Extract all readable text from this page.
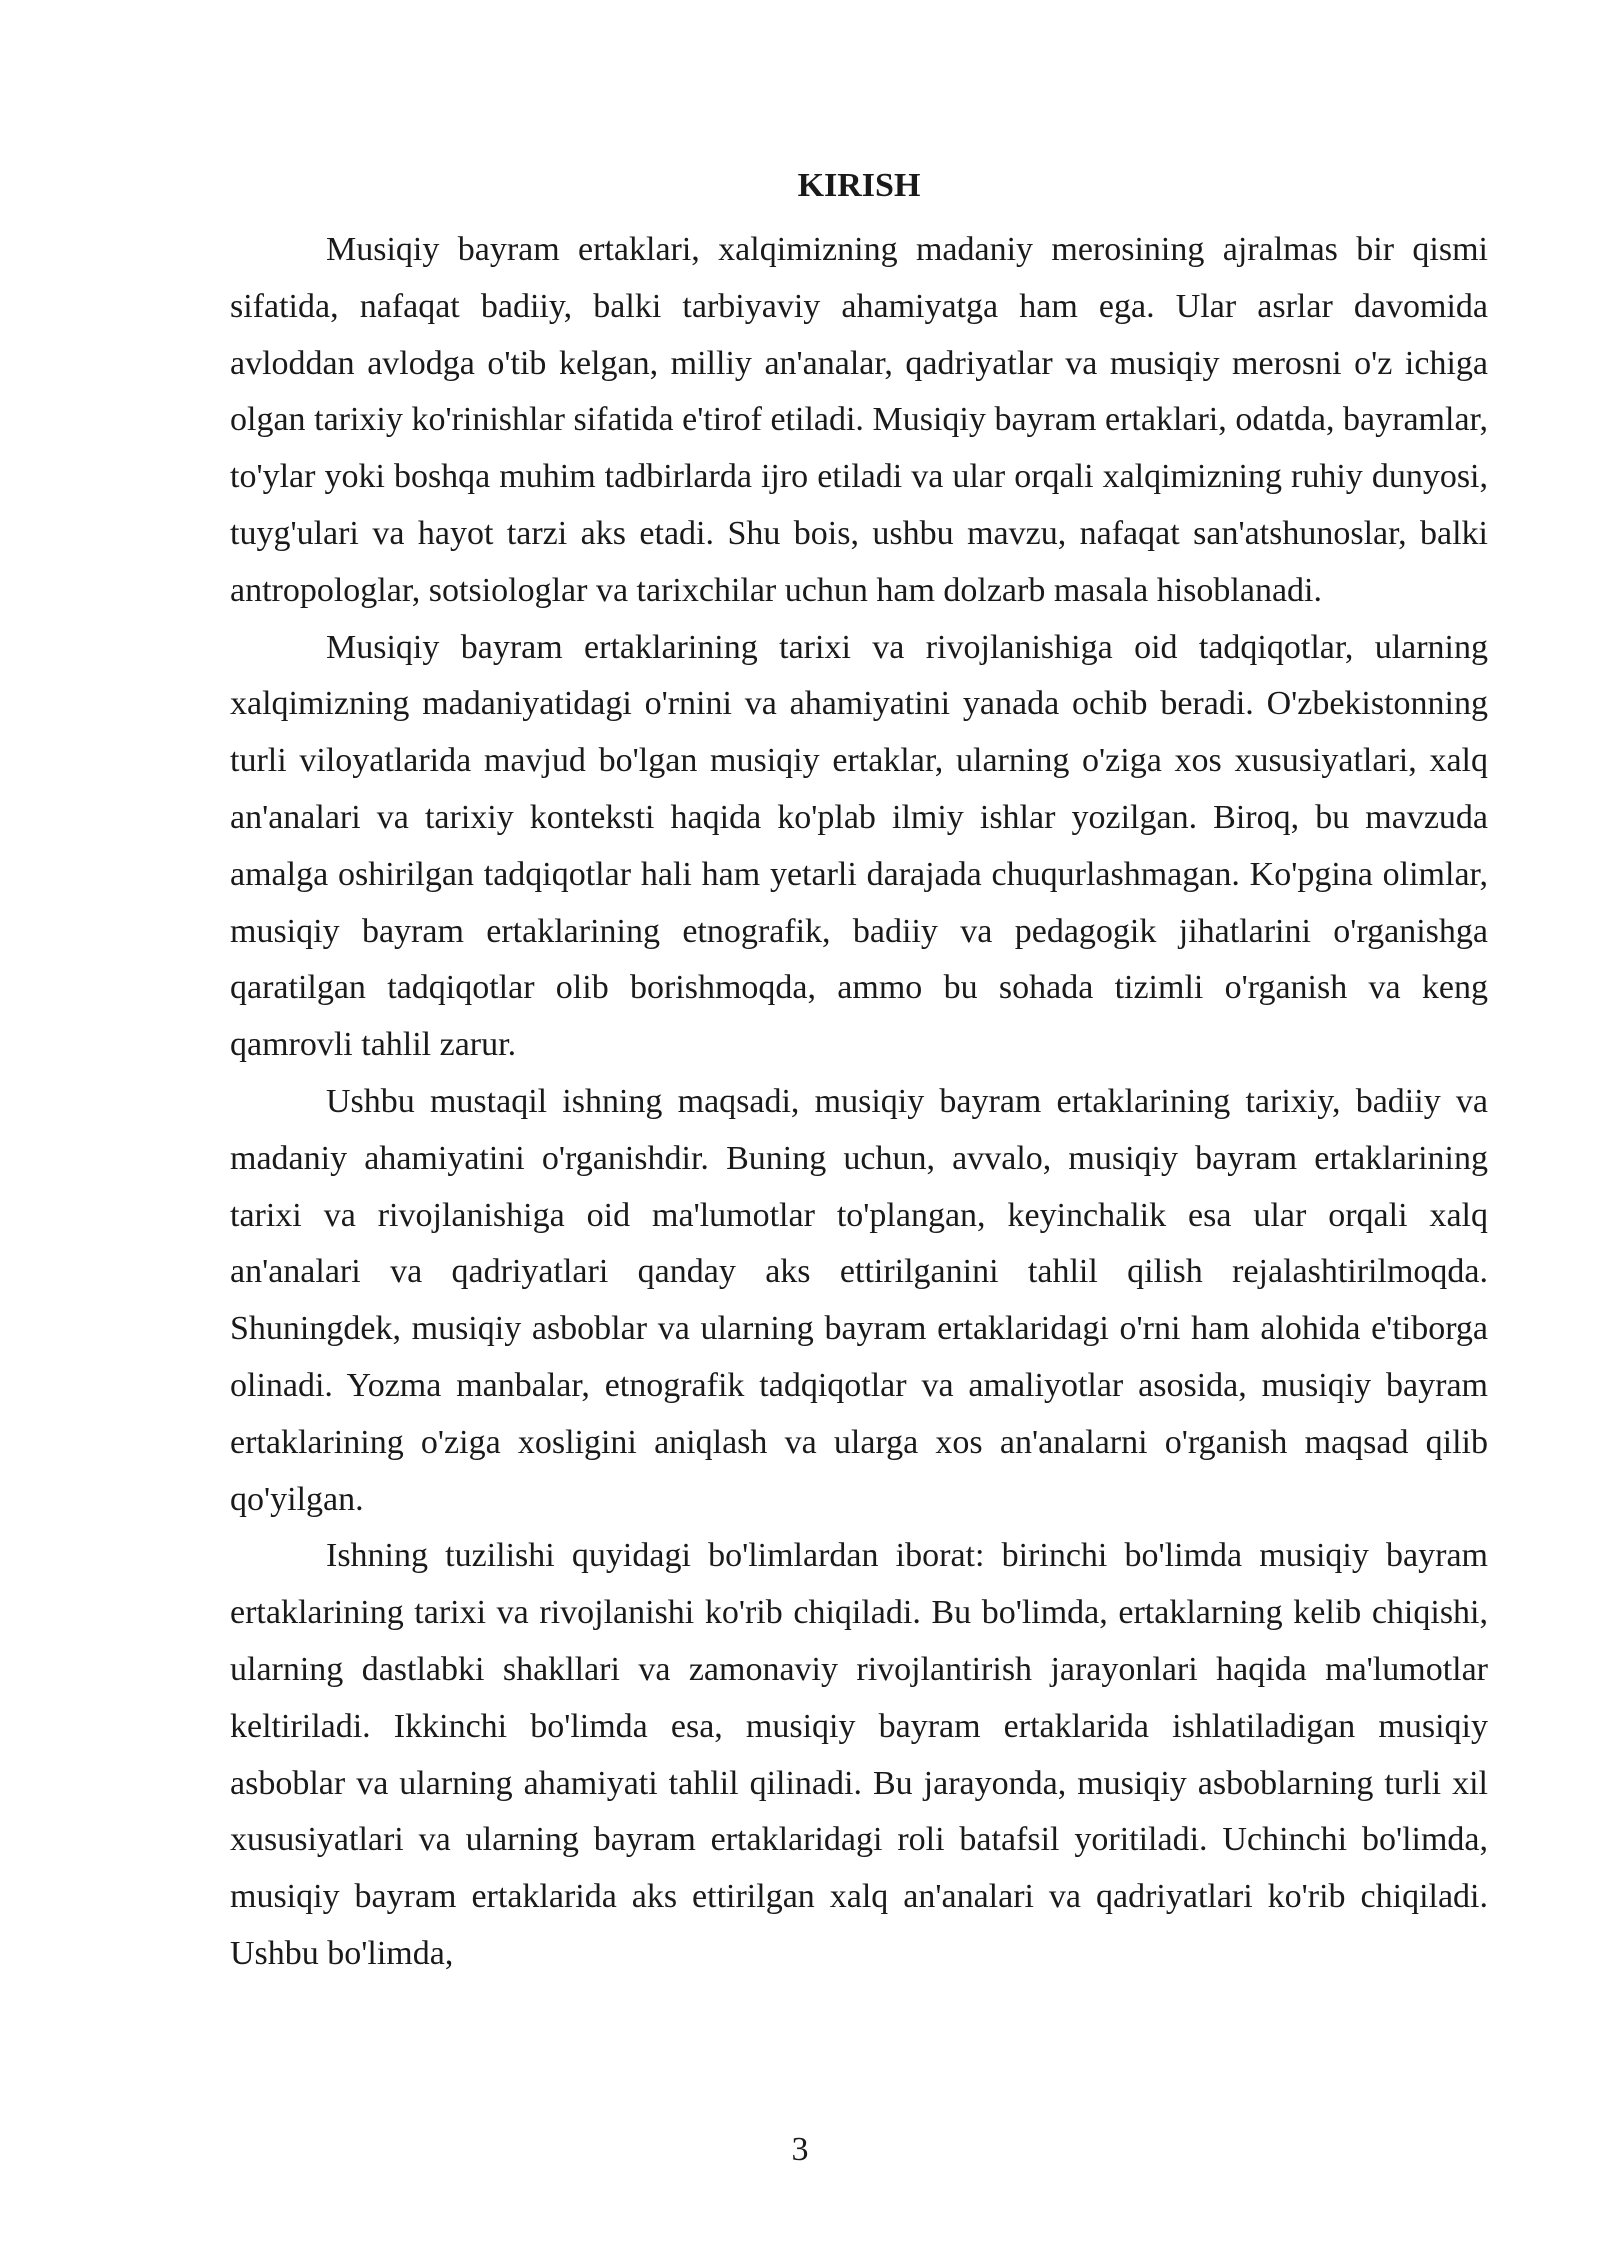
KIRISH

Musiqiy bayram ertaklari, xalqimizning madaniy merosining ajralmas bir qismi sifatida, nafaqat badiiy, balki tarbiyaviy ahamiyatga ham ega. Ular asrlar davomida avloddan avlodga o'tib kelgan, milliy an'analar, qadriyatlar va musiqiy merosni o'z ichiga olgan tarixiy ko'rinishlar sifatida e'tirof etiladi. Musiqiy bayram ertaklari, odatda, bayramlar, to'ylar yoki boshqa muhim tadbirlarda ijro etiladi va ular orqali xalqimizning ruhiy dunyosi, tuyg'ulari va hayot tarzi aks etadi. Shu bois, ushbu mavzu, nafaqat san'atshunoslar, balki antropologlar, sotsiologlar va tarixchilar uchun ham dolzarb masala hisoblanadi.

Musiqiy bayram ertaklarining tarixi va rivojlanishiga oid tadqiqotlar, ularning xalqimizning madaniyatidagi o'rnini va ahamiyatini yanada ochib beradi. O'zbekistonning turli viloyatlarida mavjud bo'lgan musiqiy ertaklar, ularning o'ziga xos xususiyatlari, xalq an'analari va tarixiy konteksti haqida ko'plab ilmiy ishlar yozilgan. Biroq, bu mavzuda amalga oshirilgan tadqiqotlar hali ham yetarli darajada chuqurlashmagan. Ko'pgina olimlar, musiqiy bayram ertaklarining etnografik, badiiy va pedagogik jihatlarini o'rganishga qaratilgan tadqiqotlar olib borishmoqda, ammo bu sohada tizimli o'rganish va keng qamrovli tahlil zarur.

Ushbu mustaqil ishning maqsadi, musiqiy bayram ertaklarining tarixiy, badiiy va madaniy ahamiyatini o'rganishdir. Buning uchun, avvalo, musiqiy bayram ertaklarining tarixi va rivojlanishiga oid ma'lumotlar to'plangan, keyinchalik esa ular orqali xalq an'analari va qadriyatlari qanday aks ettirilganini tahlil qilish rejalashtirilmoqda. Shuningdek, musiqiy asboblar va ularning bayram ertaklaridagi o'rni ham alohida e'tiborga olinadi. Yozma manbalar, etnografik tadqiqotlar va amaliyotlar asosida, musiqiy bayram ertaklarining o'ziga xosligini aniqlash va ularga xos an'analarni o'rganish maqsad qilib qo'yilgan.

Ishning tuzilishi quyidagi bo'limlardan iborat: birinchi bo'limda musiqiy bayram ertaklarining tarixi va rivojlanishi ko'rib chiqiladi. Bu bo'limda, ertaklarning kelib chiqishi, ularning dastlabki shakllari va zamonaviy rivojlantirish jarayonlari haqida ma'lumotlar keltiriladi. Ikkinchi bo'limda esa, musiqiy bayram ertaklarida ishlatiladigan musiqiy asboblar va ularning ahamiyati tahlil qilinadi. Bu jarayonda, musiqiy asboblarning turli xil xususiyatlari va ularning bayram ertaklaridagi roli batafsil yoritiladi. Uchinchi bo'limda, musiqiy bayram ertaklarida aks ettirilgan xalq an'analari va qadriyatlari ko'rib chiqiladi. Ushbu bo'limda,

3
